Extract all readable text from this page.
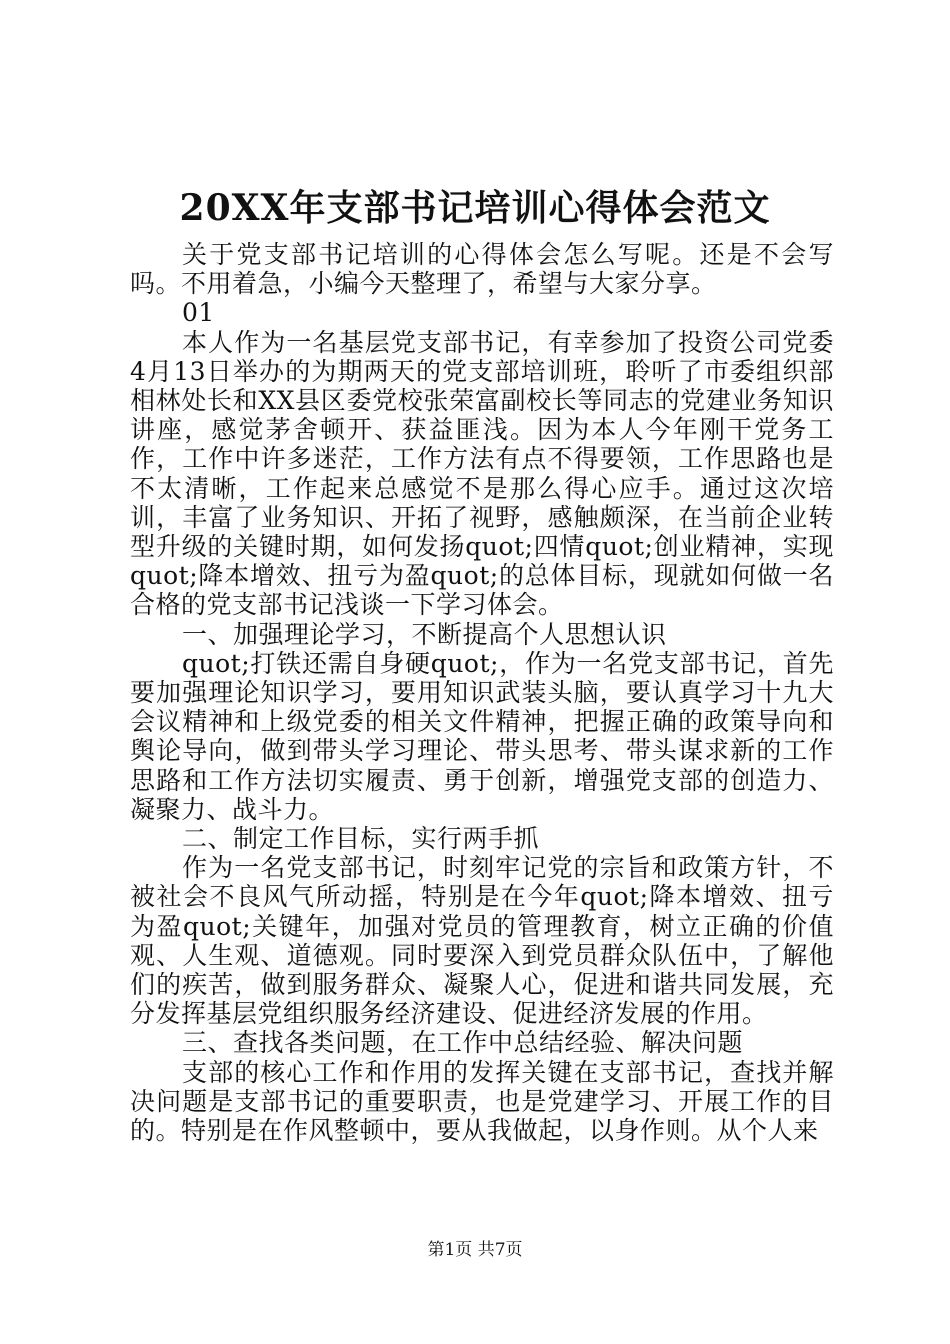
20XX年支部书记培训心得体会范文

关于党支部书记培训的心得体会怎么写呢。还是不会写吗。不用着急，小编今天整理了，希望与大家分享。

01

本人作为一名基层党支部书记，有幸参加了投资公司党委4月13日举办的为期两天的党支部培训班，聆听了市委组织部相林处长和XX县区委党校张荣富副校长等同志的党建业务知识讲座，感觉茅舍顿开、获益匪浅。因为本人今年刚干党务工作，工作中许多迷茫，工作方法有点不得要领，工作思路也是不太清晰，工作起来总感觉不是那么得心应手。通过这次培训，丰富了业务知识、开拓了视野，感触颇深，在当前企业转型升级的关键时期，如何发扬quot;四情quot;创业精神，实现quot;降本增效、扭亏为盈quot;的总体目标，现就如何做一名合格的党支部书记浅谈一下学习体会。

一、加强理论学习，不断提高个人思想认识

quot;打铁还需自身硬quot;，作为一名党支部书记，首先要加强理论知识学习，要用知识武装头脑，要认真学习十九大会议精神和上级党委的相关文件精神，把握正确的政策导向和舆论导向，做到带头学习理论、带头思考、带头谋求新的工作思路和工作方法切实履责、勇于创新，增强党支部的创造力、凝聚力、战斗力。

二、制定工作目标，实行两手抓

作为一名党支部书记，时刻牢记党的宗旨和政策方针，不被社会不良风气所动摇，特别是在今年quot;降本增效、扭亏为盈quot;关键年，加强对党员的管理教育，树立正确的价值观、人生观、道德观。同时要深入到党员群众队伍中，了解他们的疾苦，做到服务群众、凝聚人心，促进和谐共同发展，充分发挥基层党组织服务经济建设、促进经济发展的作用。

三、查找各类问题，在工作中总结经验、解决问题

支部的核心工作和作用的发挥关键在支部书记，查找并解决问题是支部书记的重要职责，也是党建学习、开展工作的目的。特别是在作风整顿中，要从我做起，以身作则。从个人来

第1页 共7页
